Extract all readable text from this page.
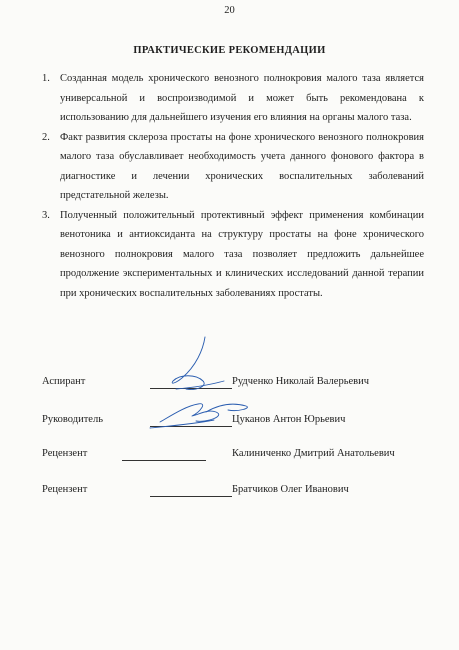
20
ПРАКТИЧЕСКИЕ РЕКОМЕНДАЦИИ
1. Созданная модель хронического венозного полнокровия малого таза является универсальной и воспроизводимой и может быть рекомендована к использованию для дальнейшего изучения его влияния на органы малого таза.
2. Факт развития склероза простаты на фоне хронического венозного полнокровия малого таза обуславливает необходимость учета данного фонового фактора в диагностике и лечении хронических воспалительных заболеваний предстательной железы.
3. Полученный положительный протективный эффект применения комбинации венотоника и антиоксиданта на структуру простаты на фоне хронического венозного полнокровия малого таза позволяет предложить дальнейшее продолжение экспериментальных и клинических исследований данной терапии при хронических воспалительных заболеваниях простаты.
Аспирант	Рудченко Николай Валерьевич
Руководитель	Цуканов Антон Юрьевич
Рецензент	Калиниченко Дмитрий Анатольевич
Рецензент	Братчиков Олег Иванович
